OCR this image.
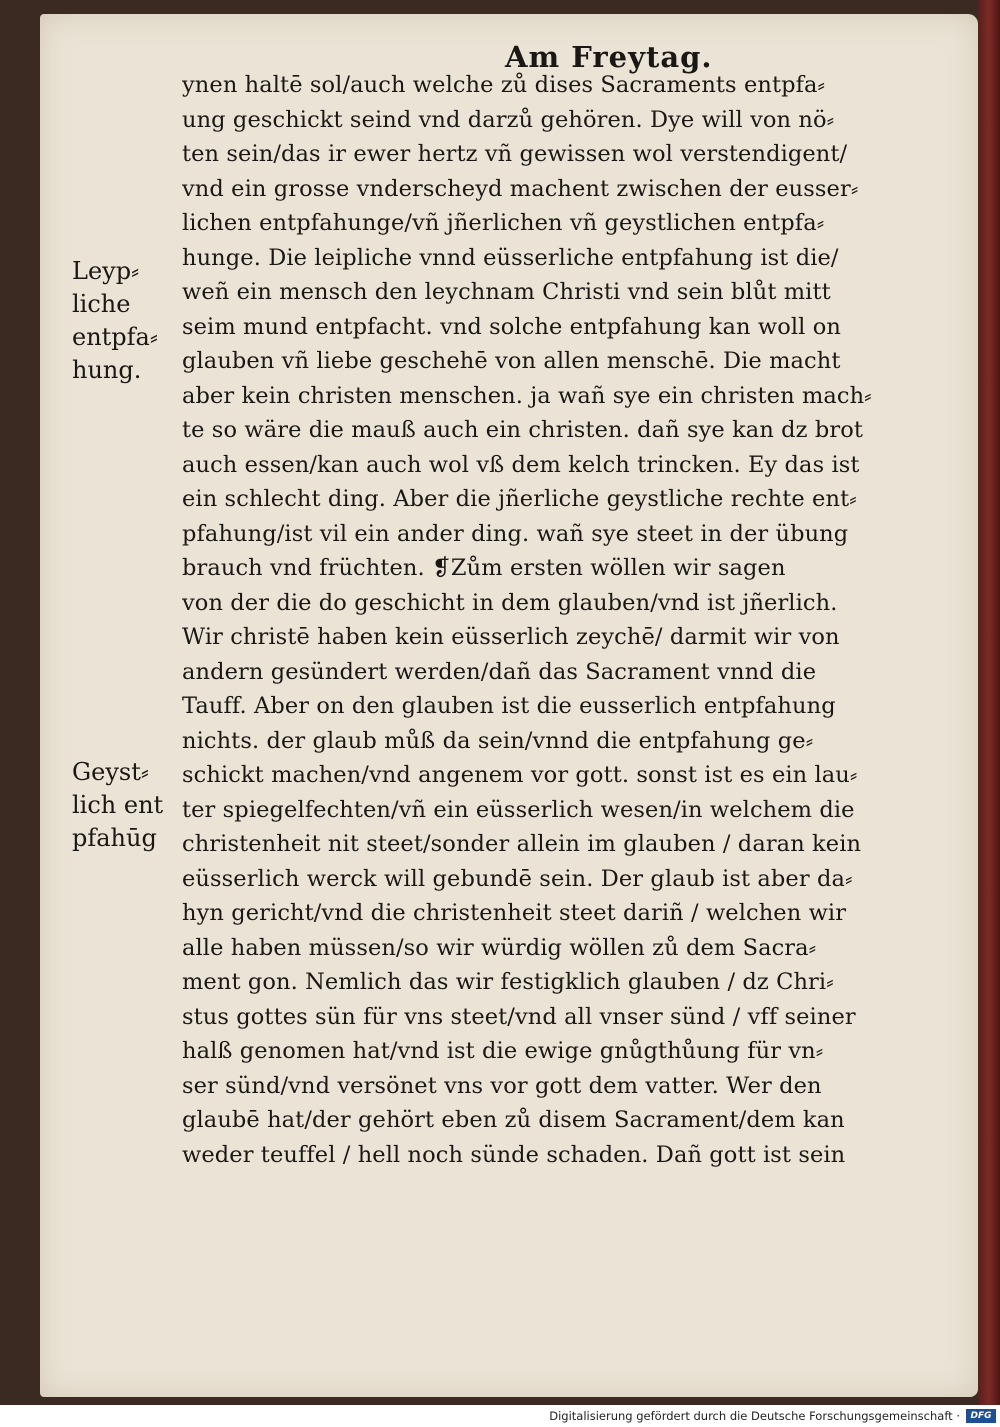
Am Freytag.
ynen haltē sol/auch welche zů dises Sacraments entpfa⸗
ung geschickt seind vnd darzů gehören. Dye will von nö⸗
ten sein/das ir ewer hertz vñ gewissen wol verstendigent/
vnd ein grosse vnderscheyd machent zwischen der eusser⸗
lichen entpfahunge/vñ jñerlichen vñ geystlichen entpfa⸗
hunge. Die leipliche vnnd eüsserliche entpfahung ist die/
weñ ein mensch den leychnam Christi vnd sein blůt mitt
seim mund entpfacht. vnd solche entpfahung kan woll on
glauben vñ liebe geschehē von allen menschē. Die macht
aber kein christen menschen. ja wañ sye ein christen mach⸗
te so wäre die mauß auch ein christen. dañ sye kan dz brot
auch essen/kan auch wol vß dem kelch trincken. Ey das ist
ein schlecht ding. Aber die jñerliche geystliche rechte ent⸗
pfahung/ist vil ein ander ding. wañ sye steet in der übung
brauch vnd früchten. ❡Zům ersten wöllen wir sagen
von der die do geschicht in dem glauben/vnd ist jñerlich.
Wir christē haben kein eüsserlich zeychē/ darmit wir von
andern gesündert werden/dañ das Sacrament vnnd die
Tauff. Aber on den glauben ist die eusserlich entpfahung
nichts. der glaub můß da sein/vnnd die entpfahung ge⸗
schickt machen/vnd angenem vor gott. sonst ist es ein lau⸗
ter spiegelfechten/vñ ein eüsserlich wesen/in welchem die
christenheit nit steet/sonder allein im glauben / daran kein
eüsserlich werck will gebundē sein. Der glaub ist aber da⸗
hyn gericht/vnd die christenheit steet dariñ / welchen wir
alle haben müssen/so wir würdig wöllen zů dem Sacra⸗
ment gon. Nemlich das wir festigklich glauben / dz Chri⸗
stus gottes sün für vns steet/vnd all vnser sünd / vff seiner
halß genomen hat/vnd ist die ewige gnůgthůung für vn⸗
ser sünd/vnd versönet vns vor gott dem vatter. Wer den
glaubē hat/der gehört eben zů disem Sacrament/dem kan
weder teuffel / hell noch sünde schaden. Dañ gott ist sein
Leyp⸗
liche
entpfa⸗
hung.
Geyst⸗
lich ent
pfahūg
Digitalisierung gefördert durch die Deutsche Forschungsgemeinschaft ·	DFG
